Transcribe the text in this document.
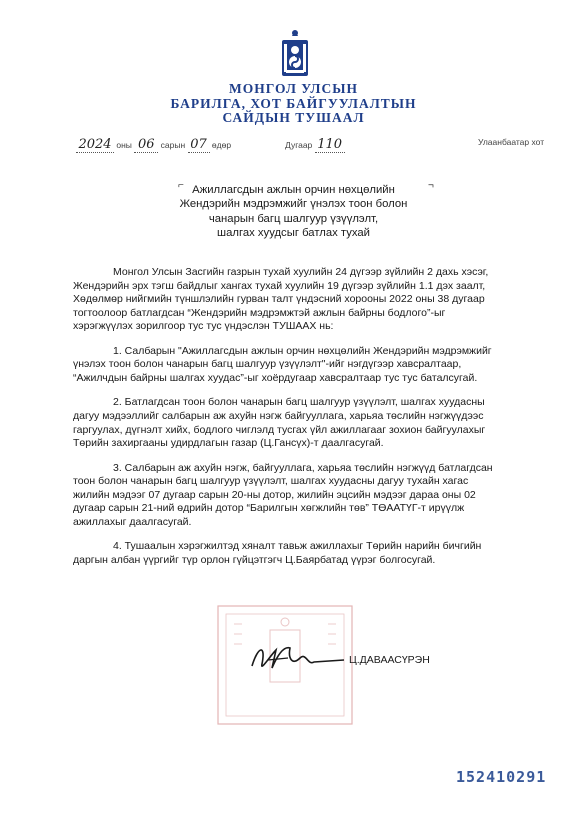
МОНГОЛ УЛСЫН
БАРИЛГА, ХОТ БАЙГУУЛАЛТЫН
САЙДЫН ТУШААЛ
2024 оны 06 сарын 07 өдөр	Дугаар 110	Улаанбаатар хот
⌐	¬
Ажиллагсдын ажлын орчин нөхцөлийн
Жендэрийн мэдрэмжийг үнэлэх тоон болон
чанарын багц шалгуур үзүүлэлт,
шалгах хуудсыг батлах тухай
Монгол Улсын Засгийн газрын тухай хуулийн 24 дүгээр зүйлийн 2 дахь хэсэг,
Жендэрийн эрх тэгш байдлыг хангах тухай хуулийн 19 дүгээр зүйлийн 1.1 дэх заалт,
Хөдөлмөр нийгмийн түншлэлийн гурван талт үндэсний хорооны 2022 оны 38 дугаар
тогтоолоор батлагдсан “Жендэрийн мэдрэмжтэй ажлын байрны бодлого”-ыг
хэрэгжүүлэх зорилгоор тус тус үндэслэн ТУШААХ нь:
1. Салбарын "Ажиллагсдын ажлын орчин нөхцөлийн Жендэрийн мэдрэмжийг
үнэлэх тоон болон чанарын багц шалгуур үзүүлэлт"-ийг нэгдүгээр хавсралтаар,
“Ажилчдын байрны шалгах хуудас”-ыг хоёрдугаар хавсралтаар тус тус баталсугай.
2. Батлагдсан тоон болон чанарын багц шалгуур үзүүлэлт, шалгах хуудасны
дагуу мэдээллийг салбарын аж ахуйн нэгж байгууллага, харьяа төслийн нэгжүүдээс
гаргуулах, дүгнэлт хийх, бодлого чиглэлд тусгах үйл ажиллагааг зохион байгуулахыг
Төрийн захиргааны удирдлагын газар (Ц.Гансүх)-т даалгасугай.
3. Салбарын аж ахуйн нэгж, байгууллага, харьяа төслийн нэгжүүд батлагдсан
тоон болон чанарын багц шалгуур үзүүлэлт, шалгах хуудасны дагуу тухайн хагас
жилийн мэдээг 07 дугаар сарын 20-ны дотор, жилийн эцсийн мэдээг дараа оны 02
дугаар сарын 21-ний өдрийн дотор “Барилгын хөгжлийн төв” ТӨААТҮГ-т ирүүлж
ажиллахыг даалгасугай.
4. Тушаалын хэрэгжилтэд хяналт тавьж ажиллахыг Төрийн нарийн бичгийн
даргын албан үүргийг түр орлон гүйцэтгэгч Ц.Баярбатад үүрэг болгосугай.
Ц.ДАВААСҮРЭН
152410291
